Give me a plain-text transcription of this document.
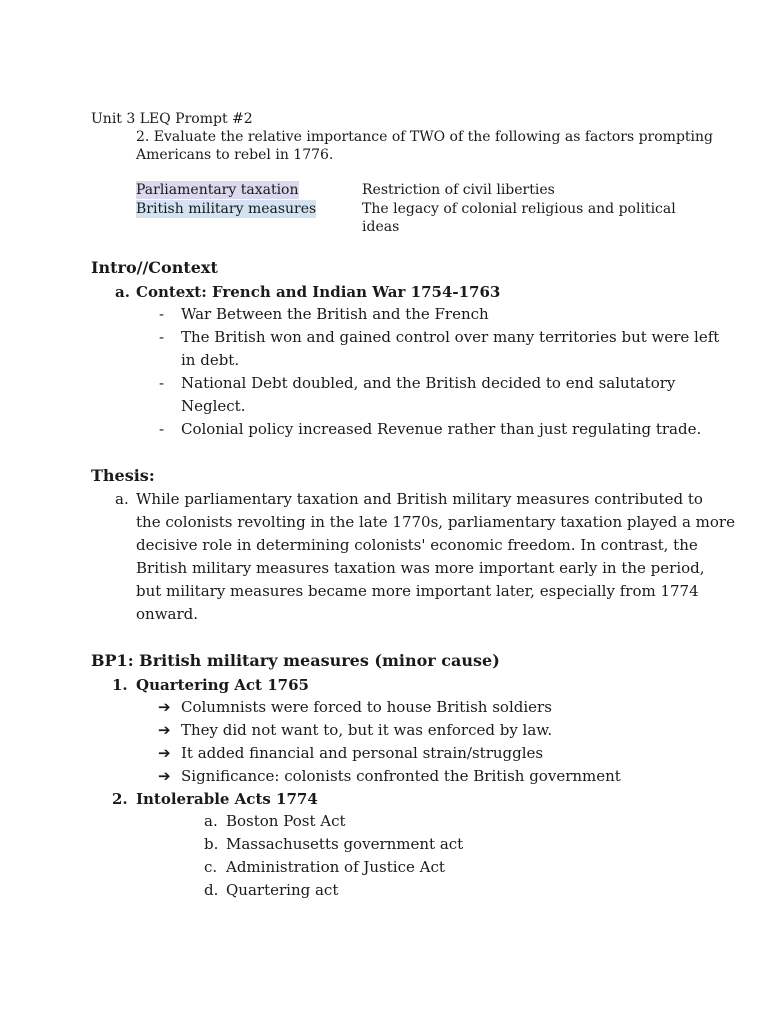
Unit 3 LEQ Prompt #2
2. Evaluate the relative importance of TWO of the following as factors prompting
Americans to rebel in 1776.
Parliamentary taxation
British military measures
Restriction of civil liberties
The legacy of colonial religious and political
ideas
Intro//Context
a. Context: French and Indian War 1754-1763
- War Between the British and the French
- The British won and gained control over many territories but were left
in debt.
- National Debt doubled, and the British decided to end salutatory
Neglect.
- Colonial policy increased Revenue rather than just regulating trade.
Thesis:
a. While parliamentary taxation and British military measures contributed to
the colonists revolting in the late 1770s, parliamentary taxation played a more
decisive role in determining colonists' economic freedom. In contrast, the
British military measures taxation was more important early in the period,
but military measures became more important later, especially from 1774
onward.
BP1: British military measures (minor cause)
1. Quartering Act 1765
➔ Columnists were forced to house British soldiers
➔ They did not want to, but it was enforced by law.
➔ It added financial and personal strain/struggles
➔ Significance: colonists confronted the British government
2. Intolerable Acts 1774
a. Boston Post Act
b. Massachusetts government act
c. Administration of Justice Act
d. Quartering act
